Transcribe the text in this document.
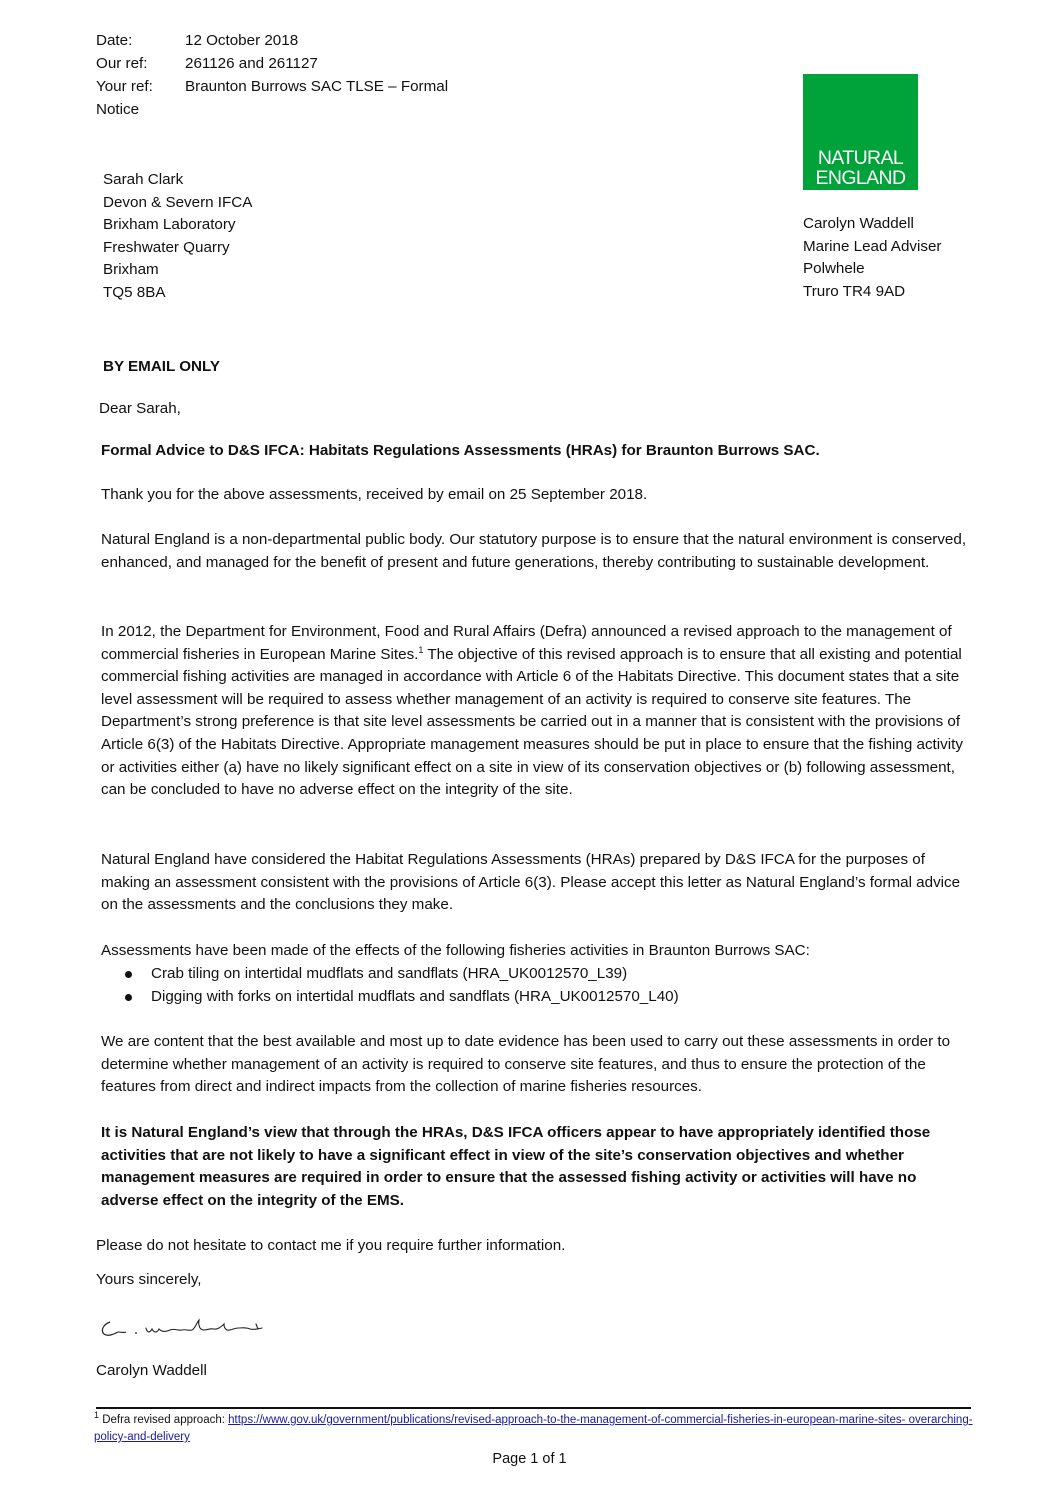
Date:	12 October 2018
Our ref: 261126 and 261127
Your ref: Braunton Burrows SAC TLSE – Formal
Notice
NATURAL
ENGLAND
Sarah Clark
Devon & Severn IFCA
Brixham Laboratory
Freshwater Quarry
Brixham
TQ5 8BA
Carolyn Waddell
Marine Lead Adviser
Polwhele
Truro TR4 9AD
BY EMAIL ONLY
Dear Sarah,
Formal Advice to D&S IFCA: Habitats Regulations Assessments (HRAs) for Braunton Burrows SAC.

Thank you for the above assessments, received by email on 25 September 2018.

Natural England is a non-departmental public body. Our statutory purpose is to ensure that the natural environment is conserved, enhanced, and managed for the benefit of present and future generations, thereby contributing to sustainable development.

In 2012, the Department for Environment, Food and Rural Affairs (Defra) announced a revised approach to the management of commercial fisheries in European Marine Sites.$^1$ The objective of this revised approach is to ensure that all existing and potential commercial fishing activities are managed in accordance with Article 6 of the Habitats Directive. This document states that a site level assessment will be required to assess whether management of an activity is required to conserve site features. The Department’s strong preference is that site level assessments be carried out in a manner that is consistent with the provisions of Article 6(3) of the Habitats Directive. Appropriate management measures should be put in place to ensure that the fishing activity or activities either (a) have no likely significant effect on a site in view of its conservation objectives or (b) following assessment, can be concluded to have no adverse effect on the integrity of the site.

Natural England have considered the Habitat Regulations Assessments (HRAs) prepared by D&S IFCA for the purposes of making an assessment consistent with the provisions of Article 6(3). Please accept this letter as Natural England’s formal advice on the assessments and the conclusions they make.

Assessments have been made of the effects of the following fisheries activities in Braunton Burrows SAC:

Crab tiling on intertidal mudflats and sandflats (HRA_UK0012570_L39)
Digging with forks on intertidal mudflats and sandflats (HRA_UK0012570_L40)

We are content that the best available and most up to date evidence has been used to carry out these assessments in order to determine whether management of an activity is required to conserve site features, and thus to ensure the protection of the features from direct and indirect impacts from the collection of marine fisheries resources.

It is Natural England’s view that through the HRAs, D&S IFCA officers appear to have appropriately identified those activities that are not likely to have a significant effect in view of the site’s conservation objectives and whether management measures are required in order to ensure that the assessed fishing activity or activities will have no adverse effect on the integrity of the EMS.

Please do not hesitate to contact me if you require further information.
Yours sincerely,
Carolyn Waddell
$^1$ Defra revised approach: https://www.gov.uk/government/publications/revised-approach-to-the-management-of-commercial-fisheries-in-european-marine-sites- overarching-policy-and-delivery
Page 1 of 1
